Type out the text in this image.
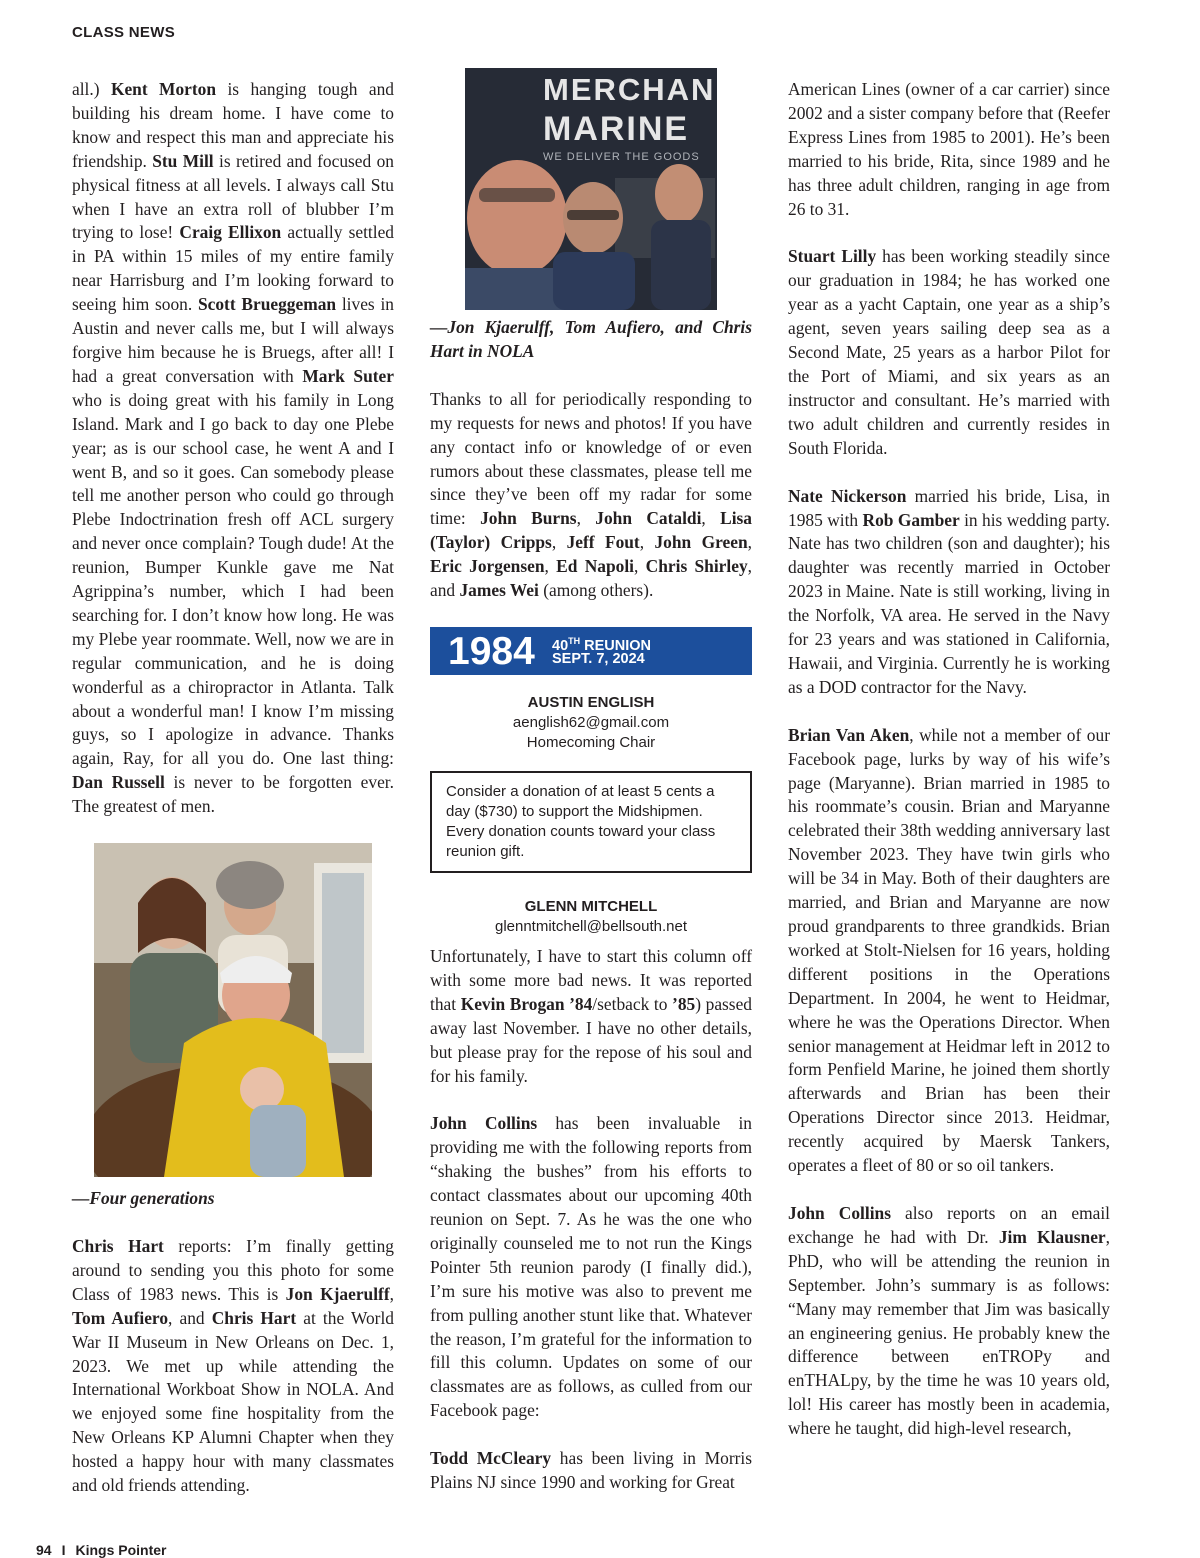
CLASS NEWS

all.) Kent Morton is hanging tough and building his dream home. I have come to know and respect this man and appreciate his friendship. Stu Mill is retired and focused on physical fitness at all levels. I always call Stu when I have an extra roll of blubber I’m trying to lose! Craig Ellixon actually settled in PA within 15 miles of my entire family near Harrisburg and I’m looking forward to seeing him soon. Scott Brueggeman lives in Austin and never calls me, but I will always forgive him because he is Bruegs, after all! I had a great conversation with Mark Suter who is doing great with his family in Long Island. Mark and I go back to day one Plebe year; as is our school case, he went A and I went B, and so it goes. Can somebody please tell me another person who could go through Plebe Indoctrination fresh off ACL surgery and never once complain? Tough dude! At the reunion, Bumper Kunkle gave me Nat Agrippina’s number, which I had been searching for. I don’t know how long. He was my Plebe year roommate. Well, now we are in regular communication, and he is doing wonderful as a chiropractor in Atlanta. Talk about a wonderful man! I know I’m missing guys, so I apologize in advance. Thanks again, Ray, for all you do. One last thing: Dan Russell is never to be forgotten ever. The greatest of men.

—Four generations

Chris Hart reports: I’m finally getting around to sending you this photo for some Class of 1983 news. This is Jon Kjaerulff, Tom Aufiero, and Chris Hart at the World War II Museum in New Orleans on Dec. 1, 2023. We met up while attending the International Workboat Show in NOLA. And we enjoyed some fine hospitality from the New Orleans KP Alumni Chapter when they hosted a happy hour with many classmates and old friends attending.

MERCHAN
MARINE
WE DELIVER THE GOODS

—Jon Kjaerulff, Tom Aufiero, and Chris Hart in NOLA

Thanks to all for periodically responding to my requests for news and photos! If you have any contact info or knowledge of or even rumors about these classmates, please tell me since they’ve been off my radar for some time: John Burns, John Cataldi, Lisa (Taylor) Cripps, Jeff Fout, John Green, Eric Jorgensen, Ed Napoli, Chris Shirley, and James Wei (among others).

1984 40TH REUNION
SEPT. 7, 2024
AUSTIN ENGLISH
aenglish62@gmail.com
Homecoming Chair
Consider a donation of at least 5 cents a day ($730) to support the Midshipmen. Every donation counts toward your class reunion gift.
GLENN MITCHELL
glenntmitchell@bellsouth.net

Unfortunately, I have to start this column off with some more bad news. It was reported that Kevin Brogan ’84/setback to ’85) passed away last November. I have no other details, but please pray for the repose of his soul and for his family.

John Collins has been invaluable in providing me with the following reports from “shaking the bushes” from his efforts to contact classmates about our upcoming 40th reunion on Sept. 7. As he was the one who originally counseled me to not run the Kings Pointer 5th reunion parody (I finally did.), I’m sure his motive was also to prevent me from pulling another stunt like that. Whatever the reason, I’m grateful for the information to fill this column. Updates on some of our classmates are as follows, as culled from our Facebook page:

Todd McCleary has been living in Morris Plains NJ since 1990 and working for Great

American Lines (owner of a car carrier) since 2002 and a sister company before that (Reefer Express Lines from 1985 to 2001). He’s been married to his bride, Rita, since 1989 and he has three adult children, ranging in age from 26 to 31.

Stuart Lilly has been working steadily since our graduation in 1984; he has worked one year as a yacht Captain, one year as a ship’s agent, seven years sailing deep sea as a Second Mate, 25 years as a harbor Pilot for the Port of Miami, and six years as an instructor and consultant. He’s married with two adult children and currently resides in South Florida.

Nate Nickerson married his bride, Lisa, in 1985 with Rob Gamber in his wedding party. Nate has two children (son and daughter); his daughter was recently married in October 2023 in Maine. Nate is still working, living in the Norfolk, VA area. He served in the Navy for 23 years and was stationed in California, Hawaii, and Virginia. Currently he is working as a DOD contractor for the Navy.

Brian Van Aken, while not a member of our Facebook page, lurks by way of his wife’s page (Maryanne). Brian married in 1985 to his roommate’s cousin. Brian and Maryanne celebrated their 38th wedding anniversary last November 2023. They have twin girls who will be 34 in May. Both of their daughters are married, and Brian and Maryanne are now proud grandparents to three grandkids. Brian worked at Stolt-Nielsen for 16 years, holding different positions in the Operations Department. In 2004, he went to Heidmar, where he was the Operations Director. When senior management at Heidmar left in 2012 to form Penfield Marine, he joined them shortly afterwards and Brian has been their Operations Director since 2013. Heidmar, recently acquired by Maersk Tankers, operates a fleet of 80 or so oil tankers.

John Collins also reports on an email exchange he had with Dr. Jim Klausner, PhD, who will be attending the reunion in September. John’s summary is as follows: “Many may remember that Jim was basically an engineering genius. He probably knew the difference between enTROPy and enTHALpy, by the time he was 10 years old, lol! His career has mostly been in academia, where he taught, did high-level research,

94 I Kings Pointer
